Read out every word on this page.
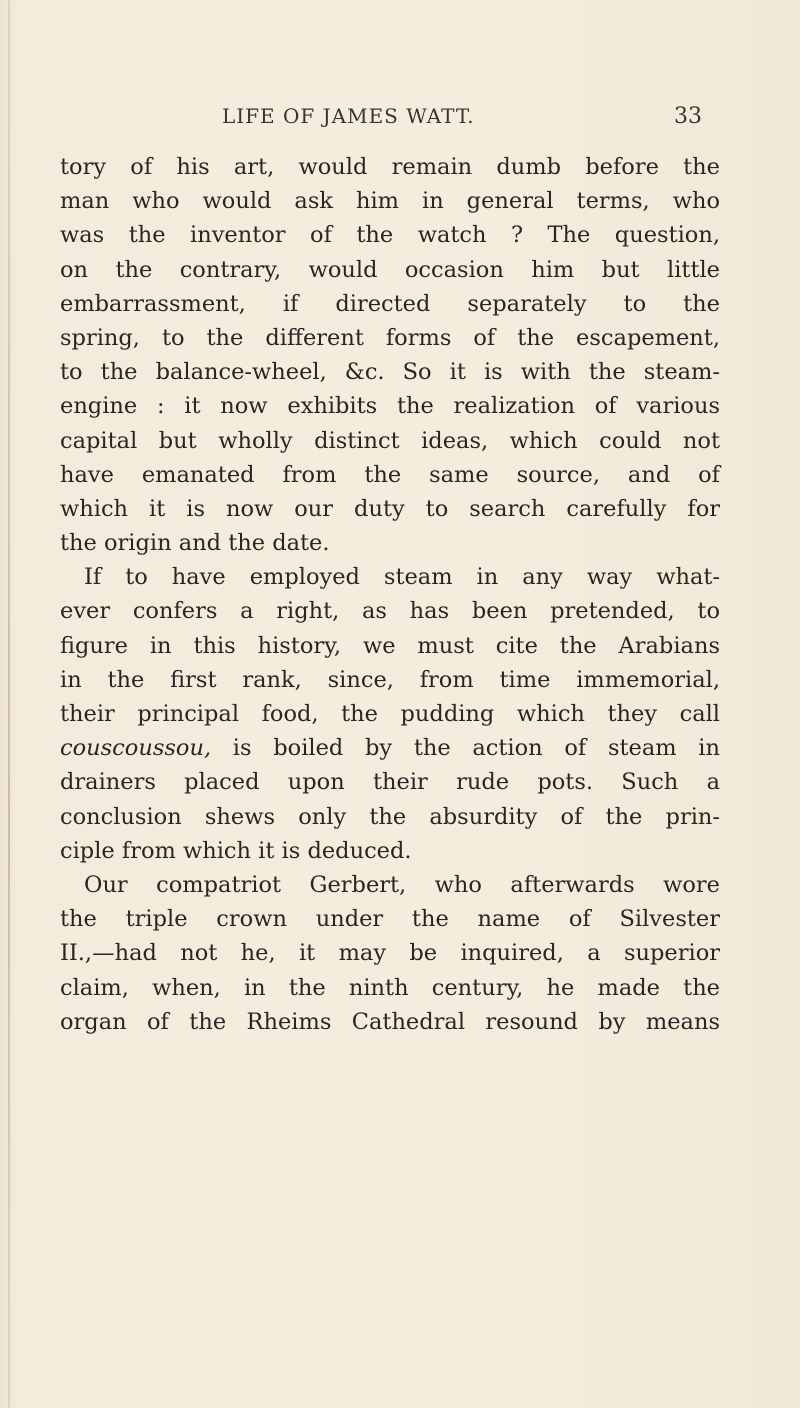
LIFE OF JAMES WATT.	33
tory of his art, would remain dumb before the
man who would ask him in general terms, who
was the inventor of the watch ? The question,
on the contrary, would occasion him but little
embarrassment, if directed separately to the
spring, to the different forms of the escapement,
to the balance-wheel, &c. So it is with the steam-
engine : it now exhibits the realization of various
capital but wholly distinct ideas, which could not
have emanated from the same source, and of
which it is now our duty to search carefully for
the origin and the date.
If to have employed steam in any way what-
ever confers a right, as has been pretended, to
figure in this history, we must cite the Arabians
in the first rank, since, from time immemorial,
their principal food, the pudding which they call
couscoussou, is boiled by the action of steam in
drainers placed upon their rude pots. Such a
conclusion shews only the absurdity of the prin-
ciple from which it is deduced.
Our compatriot Gerbert, who afterwards wore
the triple crown under the name of Silvester
II.,—had not he, it may be inquired, a superior
claim, when, in the ninth century, he made the
organ of the Rheims Cathedral resound by means
